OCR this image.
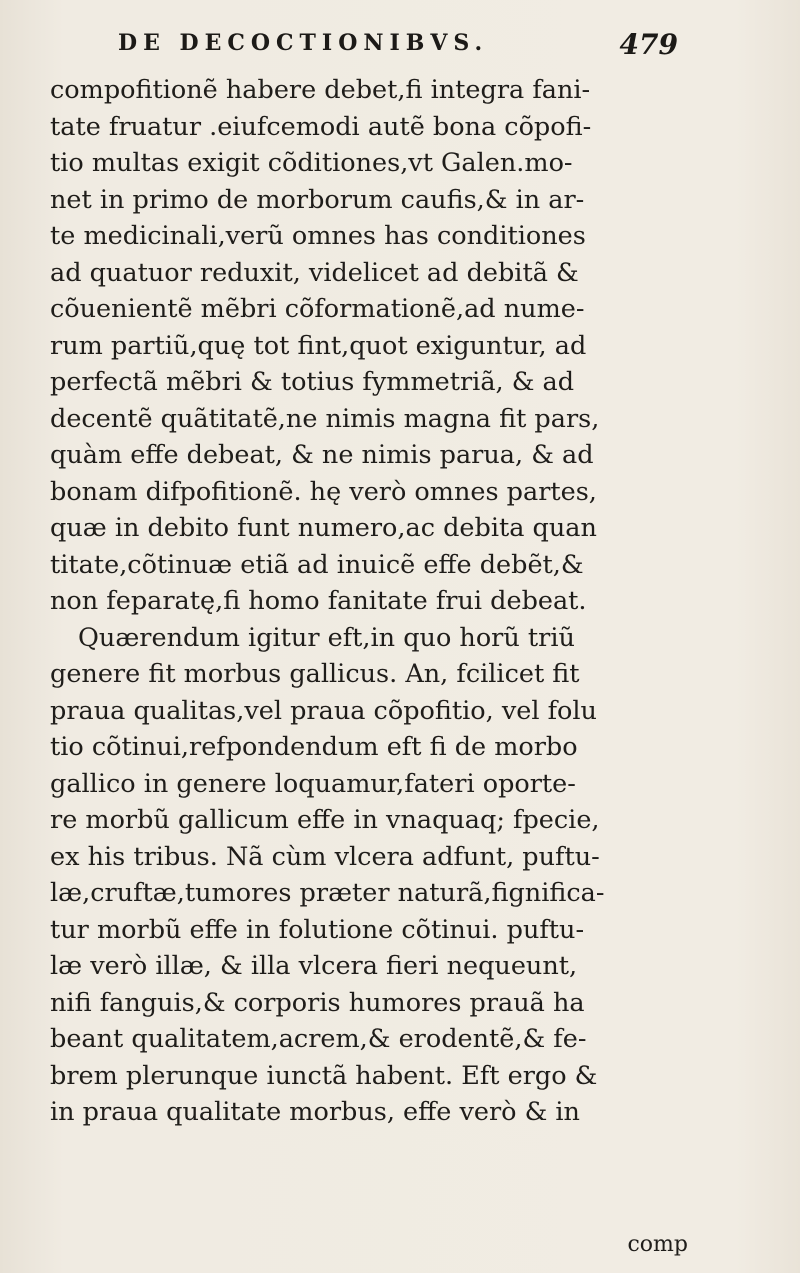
DE DECOCTIONIBVS.	479
compofitionẽ habere debet,fi integra fani-
tate fruatur .eiufcemodi autẽ bona cõpofi-
tio multas exigit cõditiones,vt Galen.mo-
net in primo de morborum caufis,& in ar-
te medicinali,verũ omnes has conditiones
ad quatuor reduxit, videlicet ad debitã &
cõuenientẽ mẽbri cõformationẽ,ad nume-
rum partiũ,quę tot fint,quot exiguntur, ad
perfectã mẽbri & totius fymmetriã, & ad
decentẽ quãtitatẽ,ne nimis magna fit pars,
quàm effe debeat, & ne nimis parua, & ad
bonam difpofitionẽ. hę verò omnes partes,
quæ in debito funt numero,ac debita quan
titate,cõtinuæ etiã ad inuicẽ effe debẽt,&
non feparatę,fi homo fanitate frui debeat.
Quærendum igitur eft,in quo horũ triũ
genere fit morbus gallicus. An, fcilicet fit
praua qualitas,vel praua cõpofitio, vel folu
tio cõtinui,refpondendum eft fi de morbo
gallico in genere loquamur,fateri oporte-
re morbũ gallicum effe in vnaquaq; fpecie,
ex his tribus. Nã cùm vlcera adfunt, puftu-
læ,cruftæ,tumores præter naturã,fignifica-
tur morbũ effe in folutione cõtinui. puftu-
læ verò illæ, & illa vlcera fieri nequeunt,
nifi fanguis,& corporis humores prauã ha
beant qualitatem,acrem,& erodentẽ,& fe-
brem plerunque iunctã habent. Eft ergo &
in praua qualitate morbus, effe verò & in
comp
